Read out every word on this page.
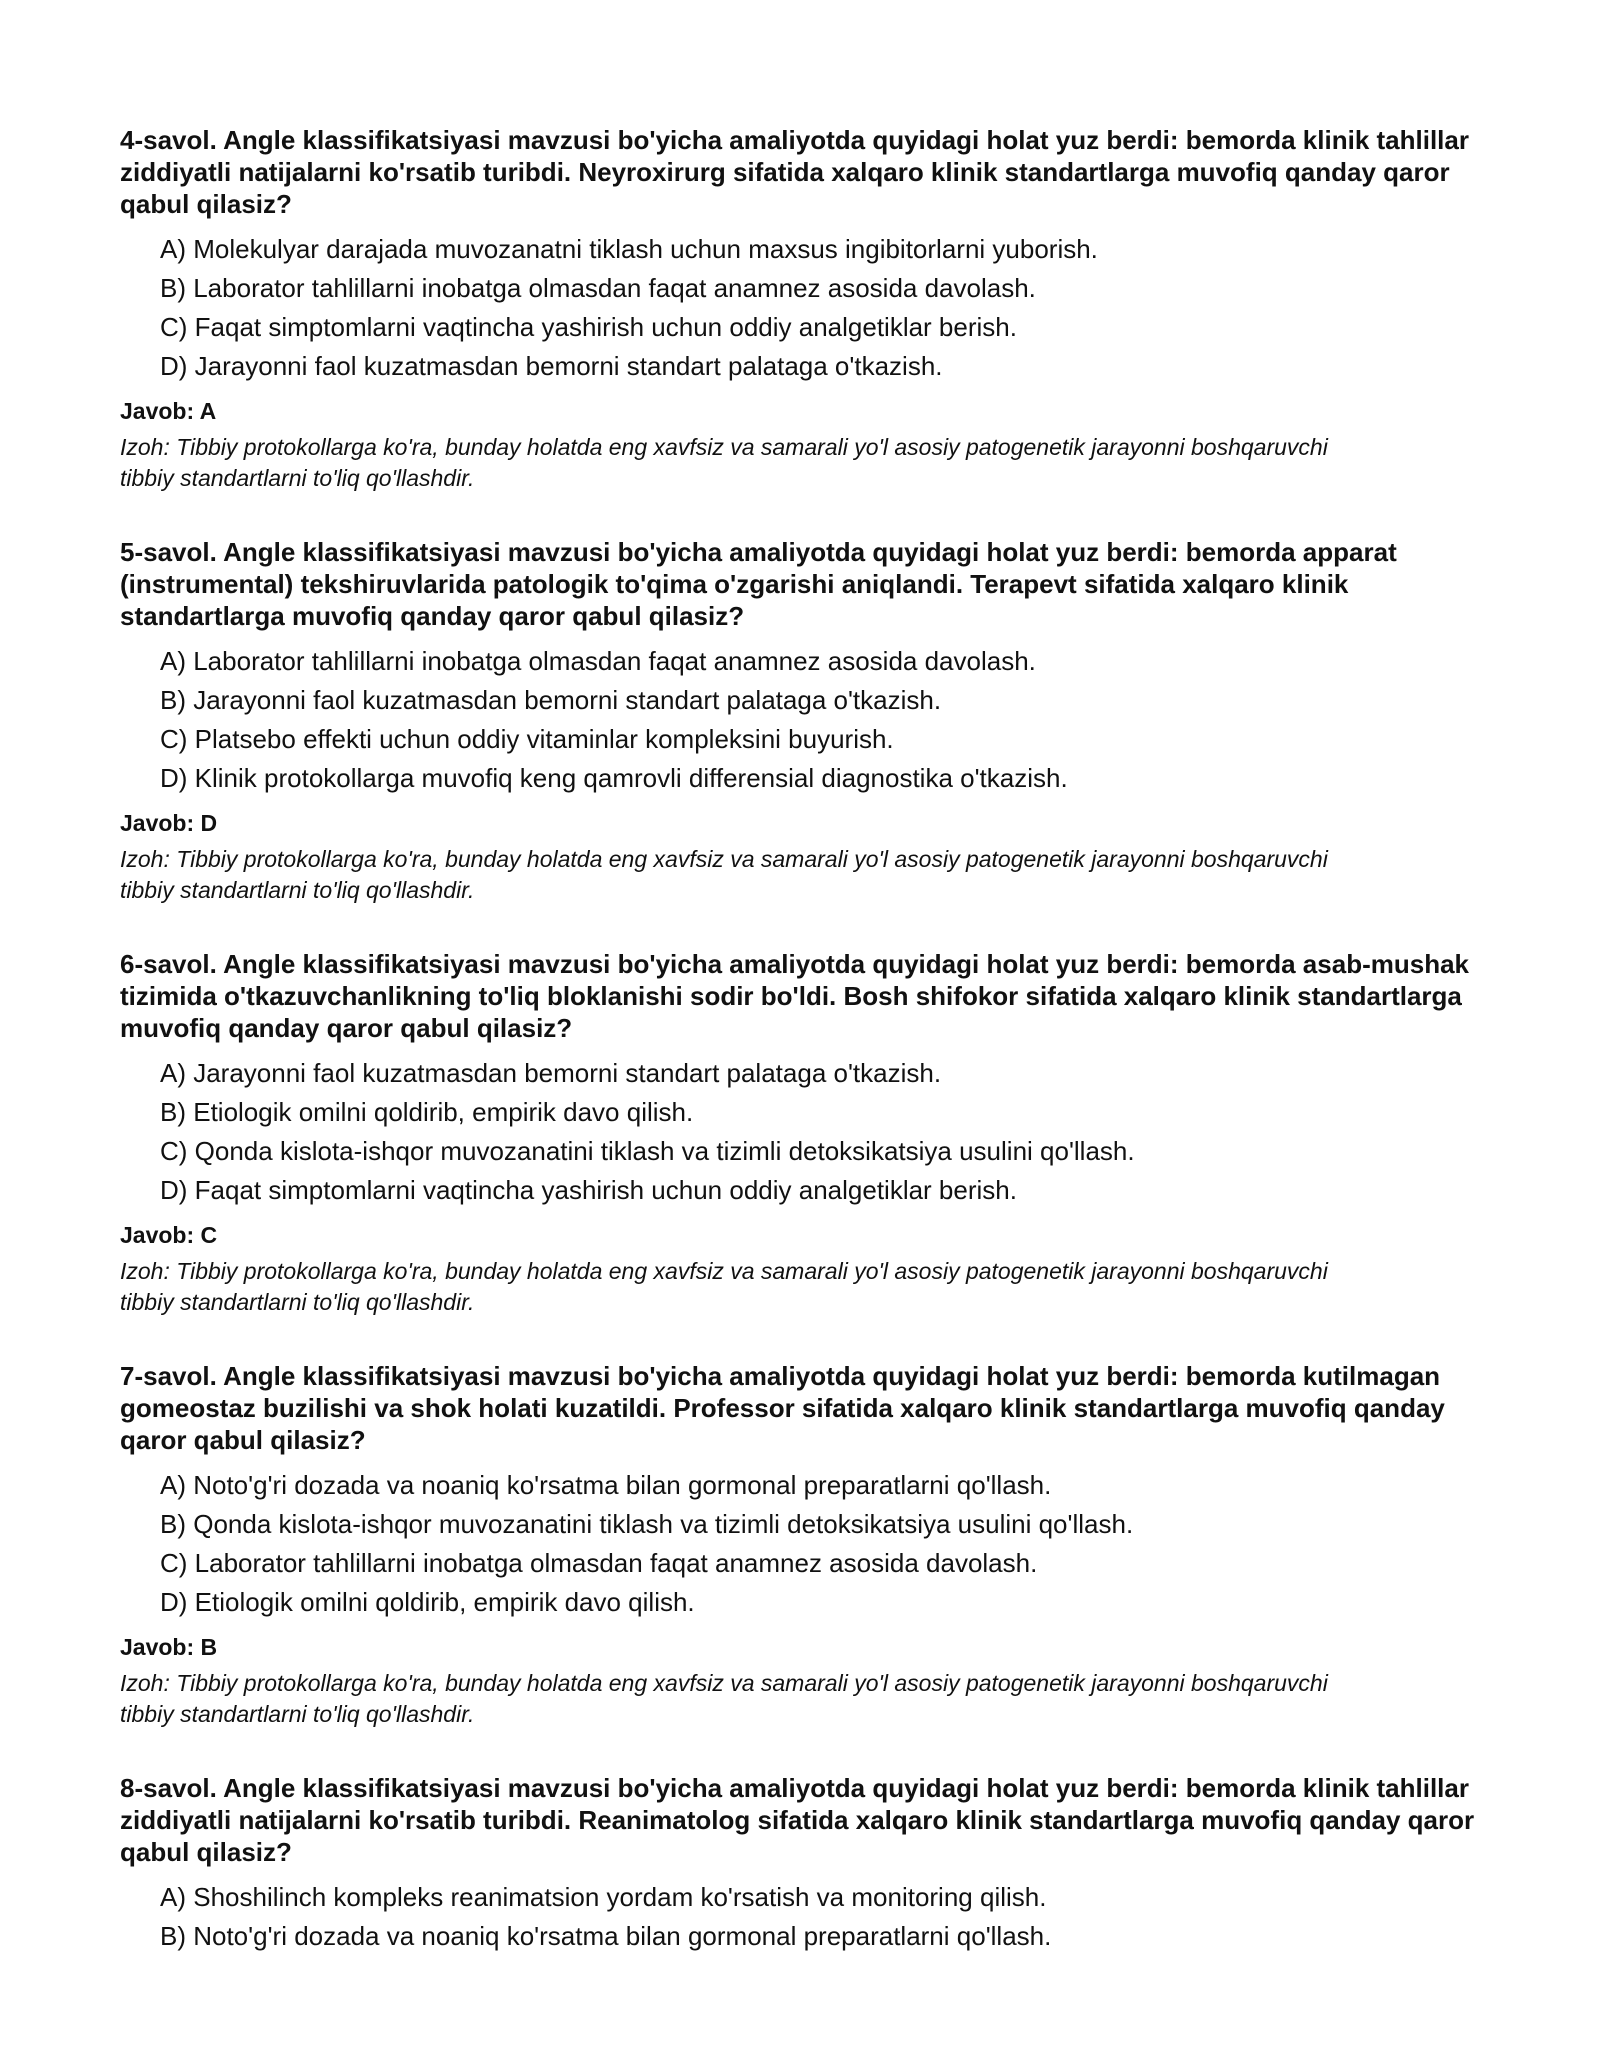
4-savol. Angle klassifikatsiyasi mavzusi bo'yicha amaliyotda quyidagi holat yuz berdi: bemorda klinik tahlillar ziddiyatli natijalarni ko'rsatib turibdi. Neyroxirurg sifatida xalqaro klinik standartlarga muvofiq qanday qaror qabul qilasiz?

A) Molekulyar darajada muvozanatni tiklash uchun maxsus ingibitorlarni yuborish.
B) Laborator tahlillarni inobatga olmasdan faqat anamnez asosida davolash.
C) Faqat simptomlarni vaqtincha yashirish uchun oddiy analgetiklar berish.
D) Jarayonni faol kuzatmasdan bemorni standart palataga o'tkazish.

Javob: A

Izoh: Tibbiy protokollarga ko'ra, bunday holatda eng xavfsiz va samarali yo'l asosiy patogenetik jarayonni boshqaruvchi tibbiy standartlarni to'liq qo'llashdir.

5-savol. Angle klassifikatsiyasi mavzusi bo'yicha amaliyotda quyidagi holat yuz berdi: bemorda apparat (instrumental) tekshiruvlarida patologik to'qima o'zgarishi aniqlandi. Terapevt sifatida xalqaro klinik standartlarga muvofiq qanday qaror qabul qilasiz?

A) Laborator tahlillarni inobatga olmasdan faqat anamnez asosida davolash.
B) Jarayonni faol kuzatmasdan bemorni standart palataga o'tkazish.
C) Platsebo effekti uchun oddiy vitaminlar kompleksini buyurish.
D) Klinik protokollarga muvofiq keng qamrovli differensial diagnostika o'tkazish.

Javob: D

Izoh: Tibbiy protokollarga ko'ra, bunday holatda eng xavfsiz va samarali yo'l asosiy patogenetik jarayonni boshqaruvchi tibbiy standartlarni to'liq qo'llashdir.

6-savol. Angle klassifikatsiyasi mavzusi bo'yicha amaliyotda quyidagi holat yuz berdi: bemorda asab-mushak tizimida o'tkazuvchanlikning to'liq bloklanishi sodir bo'ldi. Bosh shifokor sifatida xalqaro klinik standartlarga muvofiq qanday qaror qabul qilasiz?

A) Jarayonni faol kuzatmasdan bemorni standart palataga o'tkazish.
B) Etiologik omilni qoldirib, empirik davo qilish.
C) Qonda kislota-ishqor muvozanatini tiklash va tizimli detoksikatsiya usulini qo'llash.
D) Faqat simptomlarni vaqtincha yashirish uchun oddiy analgetiklar berish.

Javob: C

Izoh: Tibbiy protokollarga ko'ra, bunday holatda eng xavfsiz va samarali yo'l asosiy patogenetik jarayonni boshqaruvchi tibbiy standartlarni to'liq qo'llashdir.

7-savol. Angle klassifikatsiyasi mavzusi bo'yicha amaliyotda quyidagi holat yuz berdi: bemorda kutilmagan gomeostaz buzilishi va shok holati kuzatildi. Professor sifatida xalqaro klinik standartlarga muvofiq qanday qaror qabul qilasiz?

A) Noto'g'ri dozada va noaniq ko'rsatma bilan gormonal preparatlarni qo'llash.
B) Qonda kislota-ishqor muvozanatini tiklash va tizimli detoksikatsiya usulini qo'llash.
C) Laborator tahlillarni inobatga olmasdan faqat anamnez asosida davolash.
D) Etiologik omilni qoldirib, empirik davo qilish.

Javob: B

Izoh: Tibbiy protokollarga ko'ra, bunday holatda eng xavfsiz va samarali yo'l asosiy patogenetik jarayonni boshqaruvchi tibbiy standartlarni to'liq qo'llashdir.

8-savol. Angle klassifikatsiyasi mavzusi bo'yicha amaliyotda quyidagi holat yuz berdi: bemorda klinik tahlillar ziddiyatli natijalarni ko'rsatib turibdi. Reanimatolog sifatida xalqaro klinik standartlarga muvofiq qanday qaror qabul qilasiz?

A) Shoshilinch kompleks reanimatsion yordam ko'rsatish va monitoring qilish.
B) Noto'g'ri dozada va noaniq ko'rsatma bilan gormonal preparatlarni qo'llash.
